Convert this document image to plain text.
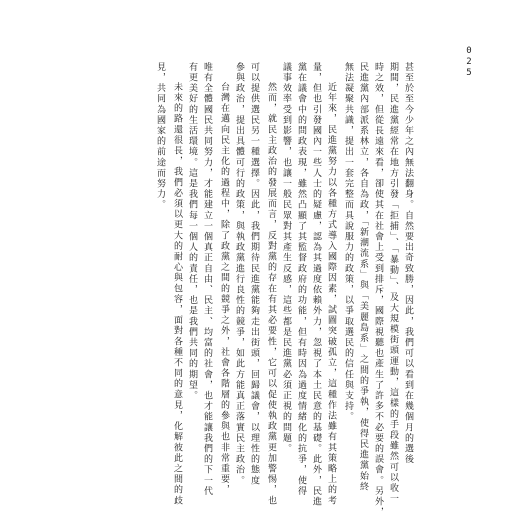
025
甚至於至今少年之內無法翻身。自然要出奇致勝，因此，我們可以看到在幾個月的選後
期間，民進黨經常在地方引發「拒捕」、「暴動」、及大規模街頭運動，這樣的手段雖然可以收一
時之效，但從長遠來看，卻使其在社會上受到排斥，國際視聽也產生了許多不必要的誤會。另外，
民進黨內部派系林立，各自為政，「新潮流系」與「美麗島系」之間的爭執，使得民進黨始終
無法凝聚共識，提出一套完整而具說服力的政策，以爭取選民的信任與支持。
近年來，民進黨努力以各種方式導入國際因素，試圖突破孤立，這種作法雖有其策略上的考
量，但也引發國內一些人士的疑慮，認為其過度依賴外力，忽視了本土民意的基礎。此外，民進
黨在議會中的問政表現，雖然凸顯了其監督政府的功能，但有時因為過度情緒化的抗爭，使得
議事效率受到影響，也讓一般民眾對其產生反感，這些都是民進黨必須正視的問題。
然而，就民主政治的發展而言，反對黨的存在有其必要性，它可以促使執政黨更加警惕，也
可以提供選民另一種選擇。因此，我們期待民進黨能夠走出街頭，回歸議會，以理性的態度
參與政治，提出具體可行的政策，與執政黨進行良性的競爭，如此方能真正落實民主政治。
台灣在邁向民主化的過程中，除了政黨之間的競爭之外，社會各階層的參與也非常重要，
唯有全體國民共同努力，才能建立一個真正自由、民主、均富的社會，也才能讓我們的下一代
有更美好的生活環境。這是我們每一個人的責任，也是我們共同的期望。
未來的路還很長，我們必須以更大的耐心與包容，面對各種不同的意見，化解彼此之間的歧
見，共同為國家的前途而努力。
